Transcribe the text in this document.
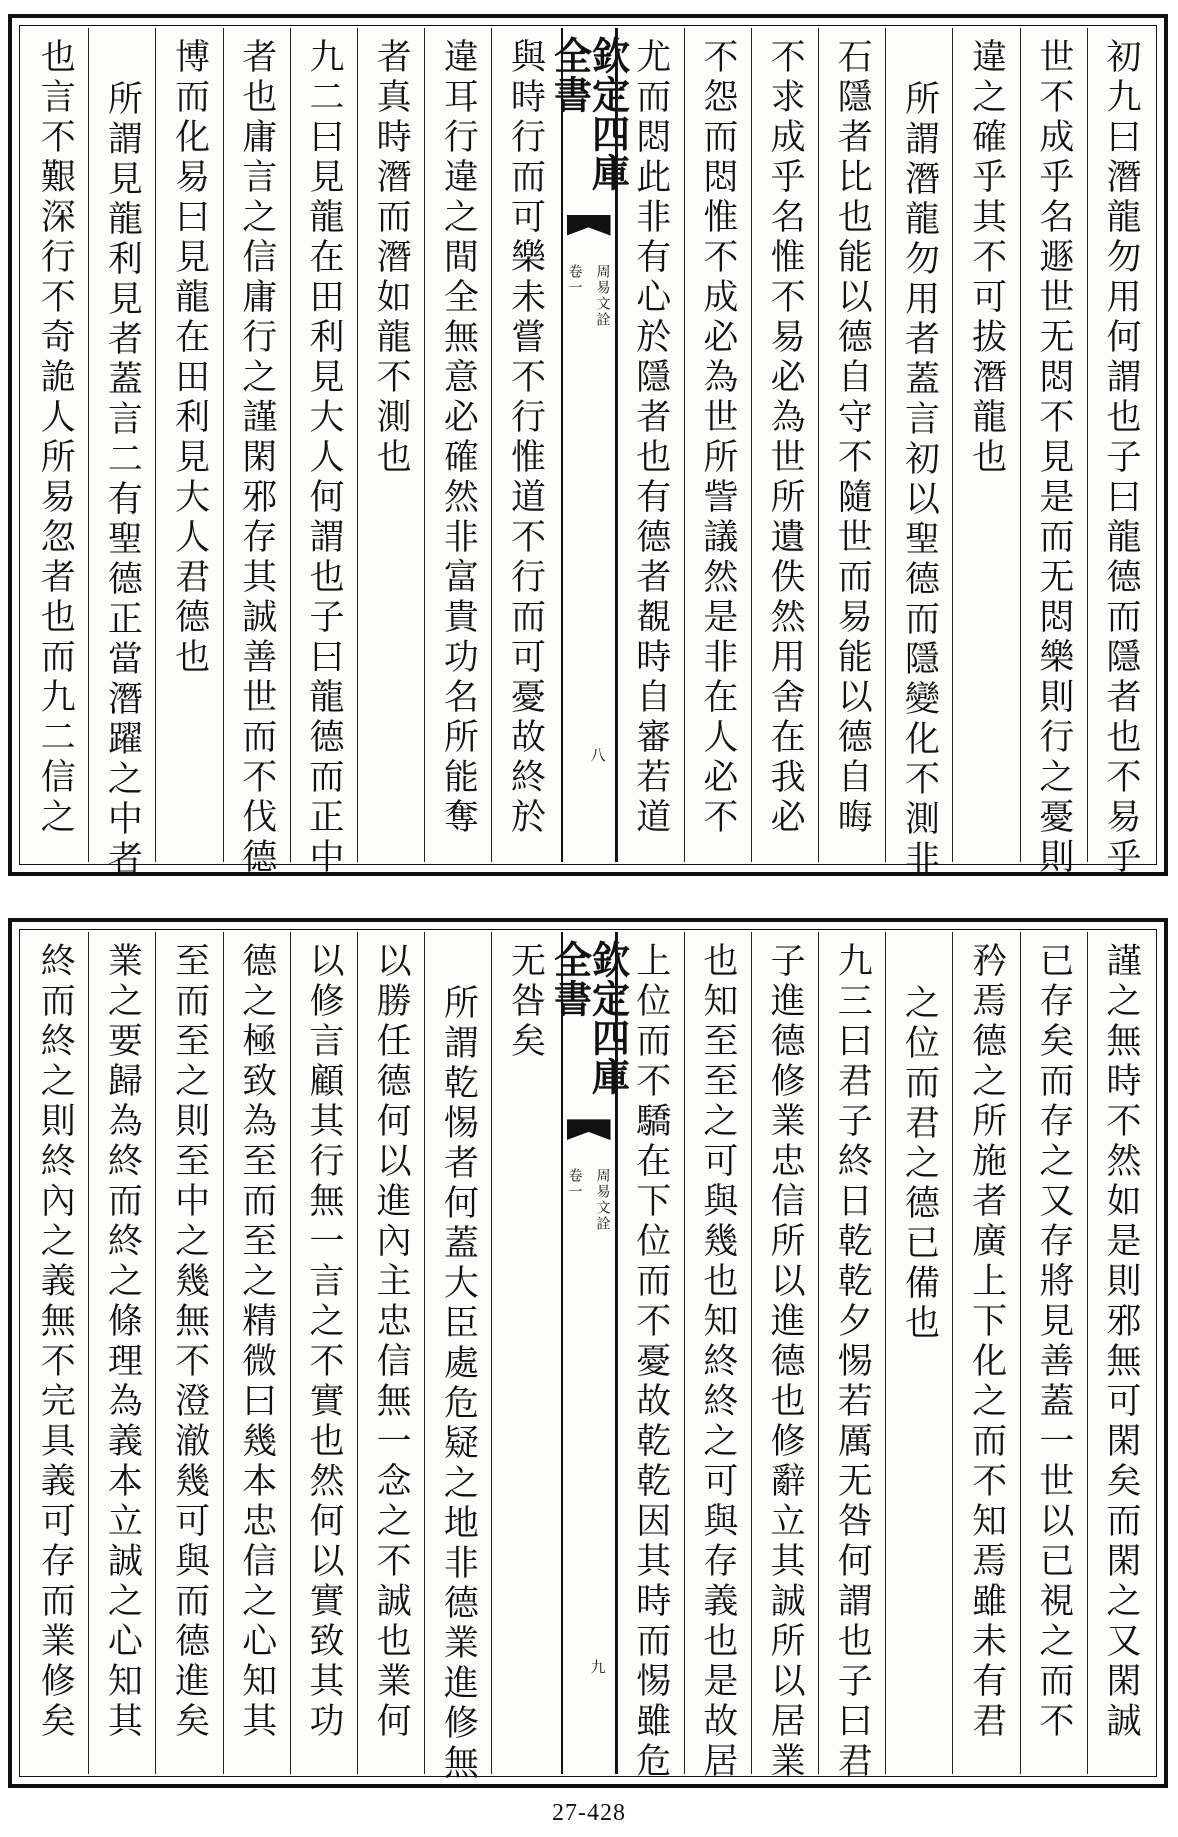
初九曰潛龍勿用何謂也子曰龍德而隱者也不易乎
世不成乎名遯世无悶不見是而无悶樂則行之憂則
違之確乎其不可拔潛龍也
所謂潛龍勿用者蓋言初以聖德而隱變化不測非
石隱者比也能以德自守不隨世而易能以德自晦
不求成乎名惟不易必為世所遺佚然用舍在我必
不怨而悶惟不成必為世所訾議然是非在人必不
尤而悶此非有心於隱者也有德者覩時自審若道
欽定四庫全書
周易文詮
卷一
八
與時行而可樂未嘗不行惟道不行而可憂故終於
違耳行違之間全無意必確然非富貴功名所能奪
者真時潛而潛如龍不測也
九二曰見龍在田利見大人何謂也子曰龍德而正中
者也庸言之信庸行之謹閑邪存其誠善世而不伐德
博而化易曰見龍在田利見大人君德也
所謂見龍利見者蓋言二有聖德正當潛躍之中者
也言不艱深行不奇詭人所易忽者也而九二信之
謹之無時不然如是則邪無可閑矣而閑之又閑誠
已存矣而存之又存將見善蓋一世以已視之而不
矜焉德之所施者廣上下化之而不知焉雖未有君
之位而君之德已備也
九三曰君子終日乾乾夕惕若厲无咎何謂也子曰君
子進德修業忠信所以進德也修辭立其誠所以居業
也知至至之可與幾也知終終之可與存義也是故居
上位而不驕在下位而不憂故乾乾因其時而惕雖危
欽定四庫全書
周易文詮
卷一
九
无咎矣
所謂乾惕者何蓋大臣處危疑之地非德業進修無
以勝任德何以進內主忠信無一念之不誠也業何
以修言顧其行無一言之不實也然何以實致其功
德之極致為至而至之精微曰幾本忠信之心知其
至而至之則至中之幾無不澄澈幾可與而德進矣
業之要歸為終而終之條理為義本立誠之心知其
終而終之則終內之義無不完具義可存而業修矣
27-428
